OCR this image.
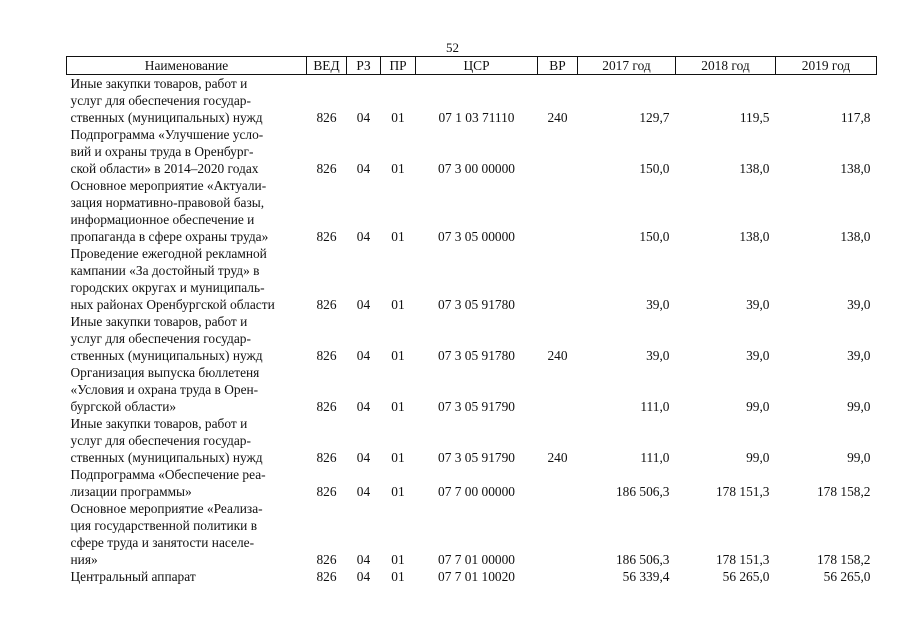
52
Наименование	ВЕД	РЗ	ПР	ЦСР	ВР	2017 год	2018 год	2019 год

Иные закупки товаров, работ и
услуг для обеспечения государ-
ственных (муниципальных) нужд	826	04	01	07 1 03 71110	240	129,7	119,5	117,8

Подпрограмма «Улучшение усло-
вий и охраны труда в Оренбург-
ской области» в 2014–2020 годах	826	04	01	07 3 00 00000		150,0	138,0	138,0

Основное мероприятие «Актуали-
зация нормативно-правовой базы,
информационное обеспечение и
пропаганда в сфере охраны труда»	826	04	01	07 3 05 00000		150,0	138,0	138,0

Проведение ежегодной рекламной
кампании «За достойный труд» в
городских округах и муниципаль-
ных районах Оренбургской области	826	04	01	07 3 05 91780		39,0	39,0	39,0

Иные закупки товаров, работ и
услуг для обеспечения государ-
ственных (муниципальных) нужд	826	04	01	07 3 05 91780	240	39,0	39,0	39,0

Организация выпуска бюллетеня
«Условия и охрана труда в Орен-
бургской области»	826	04	01	07 3 05 91790		111,0	99,0	99,0

Иные закупки товаров, работ и
услуг для обеспечения государ-
ственных (муниципальных) нужд	826	04	01	07 3 05 91790	240	111,0	99,0	99,0

Подпрограмма «Обеспечение реа-
лизации программы»	826	04	01	07 7 00 00000		186 506,3	178 151,3	178 158,2

Основное мероприятие «Реализа-
ция государственной политики в
сфере труда и занятости населе-
ния»	826	04	01	07 7 01 00000		186 506,3	178 151,3	178 158,2

Центральный аппарат	826	04	01	07 7 01 10020		56 339,4	56 265,0	56 265,0
